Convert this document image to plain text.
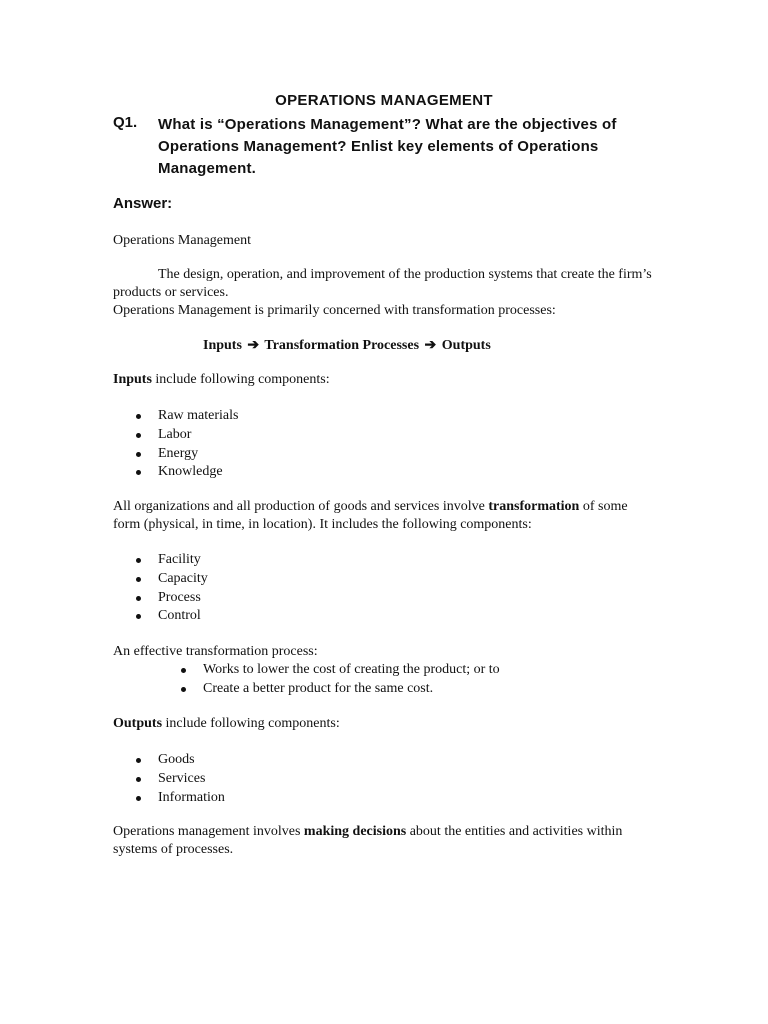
OPERATIONS MANAGEMENT
Q1. What is “Operations Management”? What are the objectives of Operations Management? Enlist key elements of Operations Management.
Answer:
Operations Management
The design, operation, and improvement of the production systems that create the firm’s products or services.
Operations Management is primarily concerned with transformation processes:
Inputs ➔ Transformation Processes ➔ Outputs
Inputs include following components:
Raw materials
Labor
Energy
Knowledge
All organizations and all production of goods and services involve transformation of some form (physical, in time, in location). It includes the following components:
Facility
Capacity
Process
Control
An effective transformation process:
Works to lower the cost of creating the product; or to
Create a better product for the same cost.
Outputs include following components:
Goods
Services
Information
Operations management involves making decisions about the entities and activities within systems of processes.
